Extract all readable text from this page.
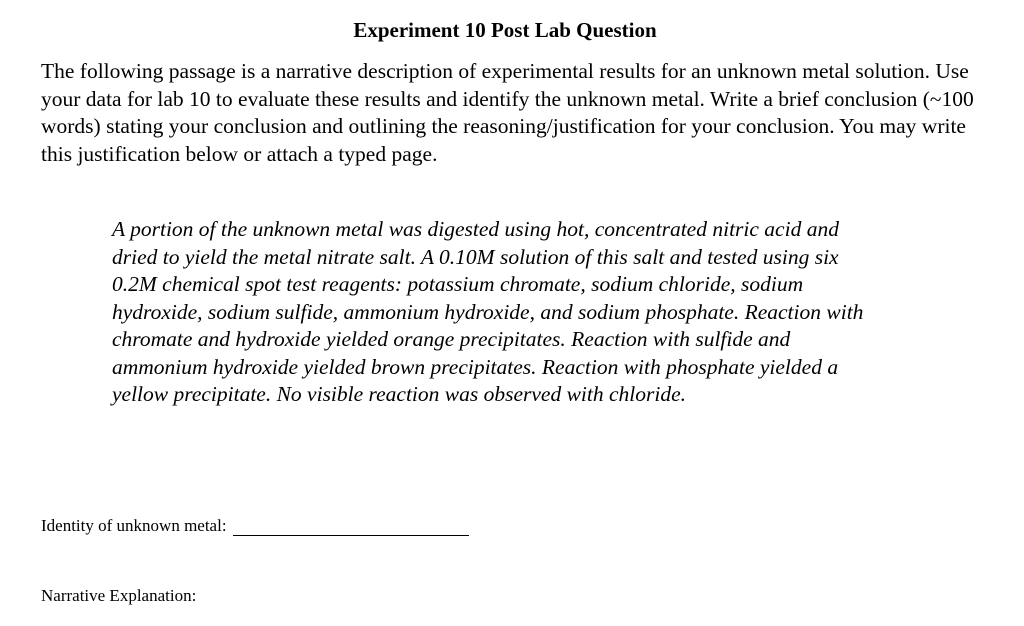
Experiment 10 Post Lab Question

The following passage is a narrative description of experimental results for an unknown metal solution. Use your data for lab 10 to evaluate these results and identify the unknown metal. Write a brief conclusion (~100 words) stating your conclusion and outlining the reasoning/justification for your conclusion. You may write this justification below or attach a typed page.

A portion of the unknown metal was digested using hot, concentrated nitric acid and dried to yield the metal nitrate salt. A 0.10M solution of this salt and tested using six 0.2M chemical spot test reagents: potassium chromate, sodium chloride, sodium hydroxide, sodium sulfide, ammonium hydroxide, and sodium phosphate. Reaction with chromate and hydroxide yielded orange precipitates. Reaction with sulfide and ammonium hydroxide yielded brown precipitates. Reaction with phosphate yielded a yellow precipitate. No visible reaction was observed with chloride.

Identity of unknown metal:
Narrative Explanation:
